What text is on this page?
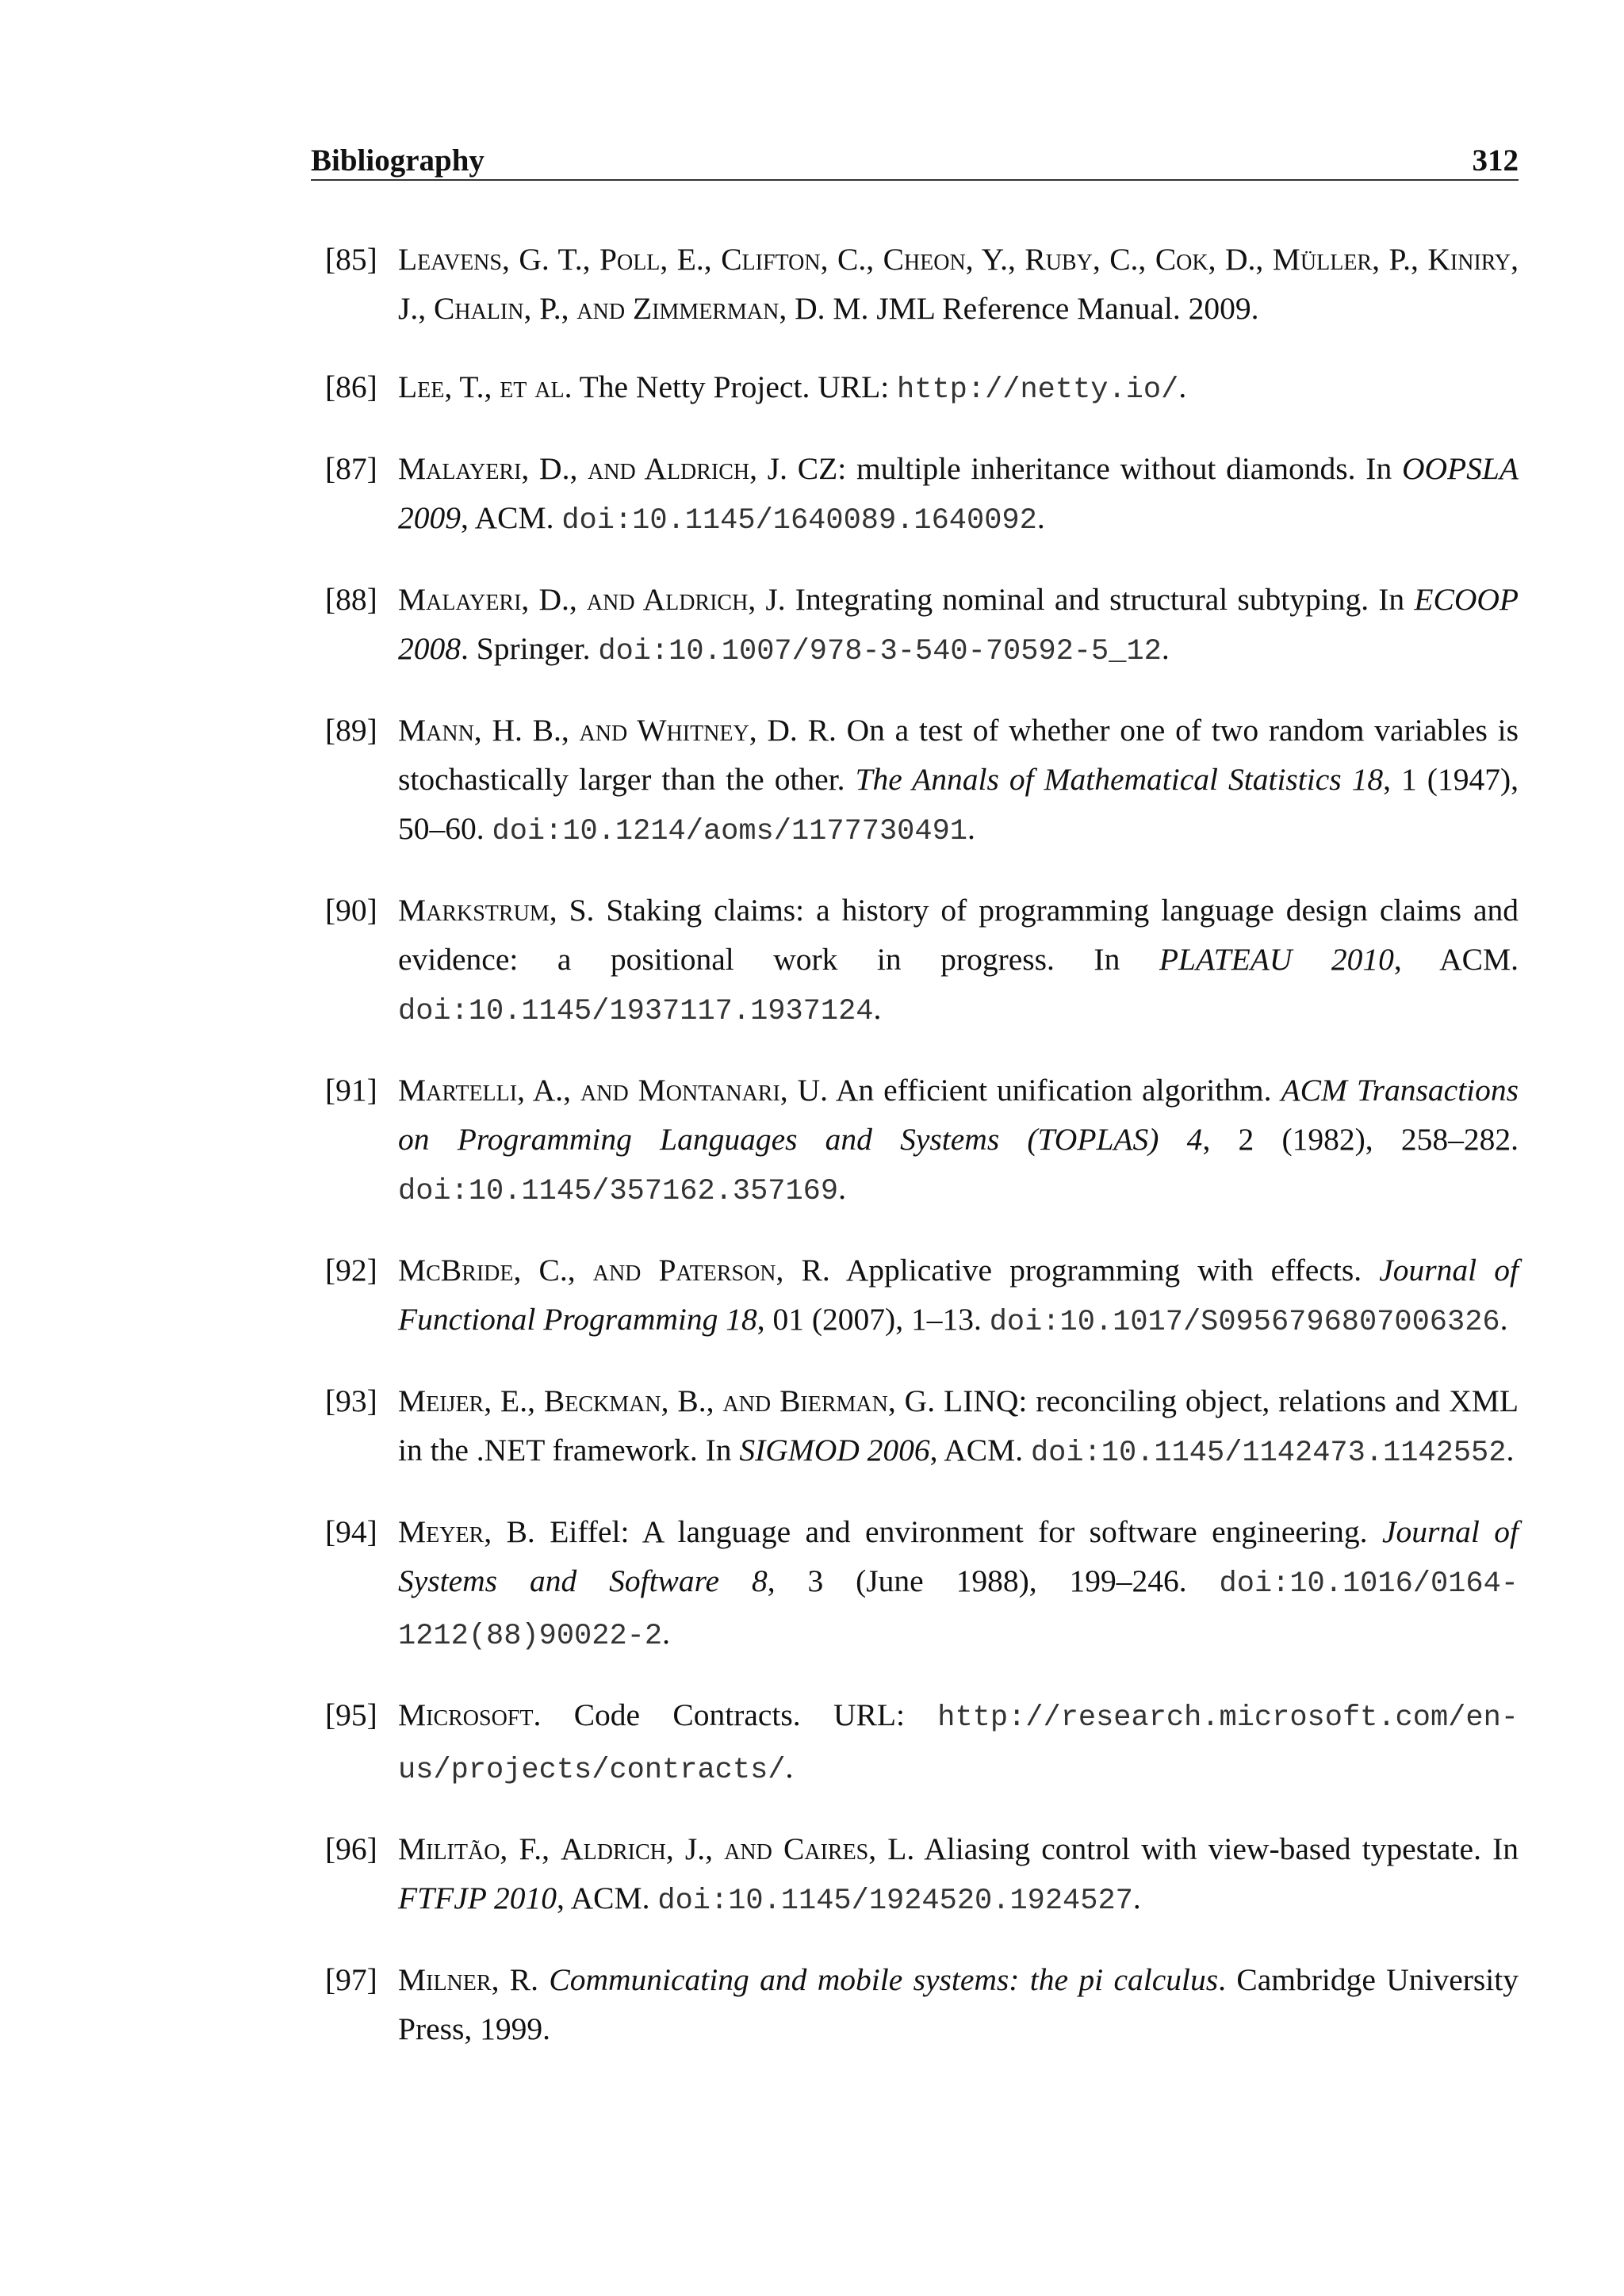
Bibliography	312
[85] Leavens, G. T., Poll, E., Clifton, C., Cheon, Y., Ruby, C., Cok, D., Müller, P., Kiniry, J., Chalin, P., and Zimmerman, D. M. JML Reference Manual. 2009.
[86] Lee, T., et al. The Netty Project. URL: http://netty.io/.
[87] Malayeri, D., and Aldrich, J. CZ: multiple inheritance without diamonds. In OOPSLA 2009, ACM. doi:10.1145/1640089.1640092.
[88] Malayeri, D., and Aldrich, J. Integrating nominal and structural subtyping. In ECOOP 2008. Springer. doi:10.1007/978-3-540-70592-5_12.
[89] Mann, H. B., and Whitney, D. R. On a test of whether one of two random variables is stochastically larger than the other. The Annals of Mathematical Statistics 18, 1 (1947), 50–60. doi:10.1214/aoms/1177730491.
[90] Markstrum, S. Staking claims: a history of programming language design claims and evidence: a positional work in progress. In PLATEAU 2010, ACM. doi:10.1145/1937117.1937124.
[91] Martelli, A., and Montanari, U. An efficient unification algorithm. ACM Transactions on Programming Languages and Systems (TOPLAS) 4, 2 (1982), 258–282. doi:10.1145/357162.357169.
[92] McBride, C., and Paterson, R. Applicative programming with effects. Journal of Functional Programming 18, 01 (2007), 1–13. doi:10.1017/S0956796807006326.
[93] Meijer, E., Beckman, B., and Bierman, G. LINQ: reconciling object, relations and XML in the .NET framework. In SIGMOD 2006, ACM. doi:10.1145/1142473.1142552.
[94] Meyer, B. Eiffel: A language and environment for software engineering. Journal of Systems and Software 8, 3 (June 1988), 199–246. doi:10.1016/0164-1212(88)90022-2.
[95] Microsoft. Code Contracts. URL: http://research.microsoft.com/en-us/projects/contracts/.
[96] Militão, F., Aldrich, J., and Caires, L. Aliasing control with view-based typestate. In FTFJP 2010, ACM. doi:10.1145/1924520.1924527.
[97] Milner, R. Communicating and mobile systems: the pi calculus. Cambridge University Press, 1999.
